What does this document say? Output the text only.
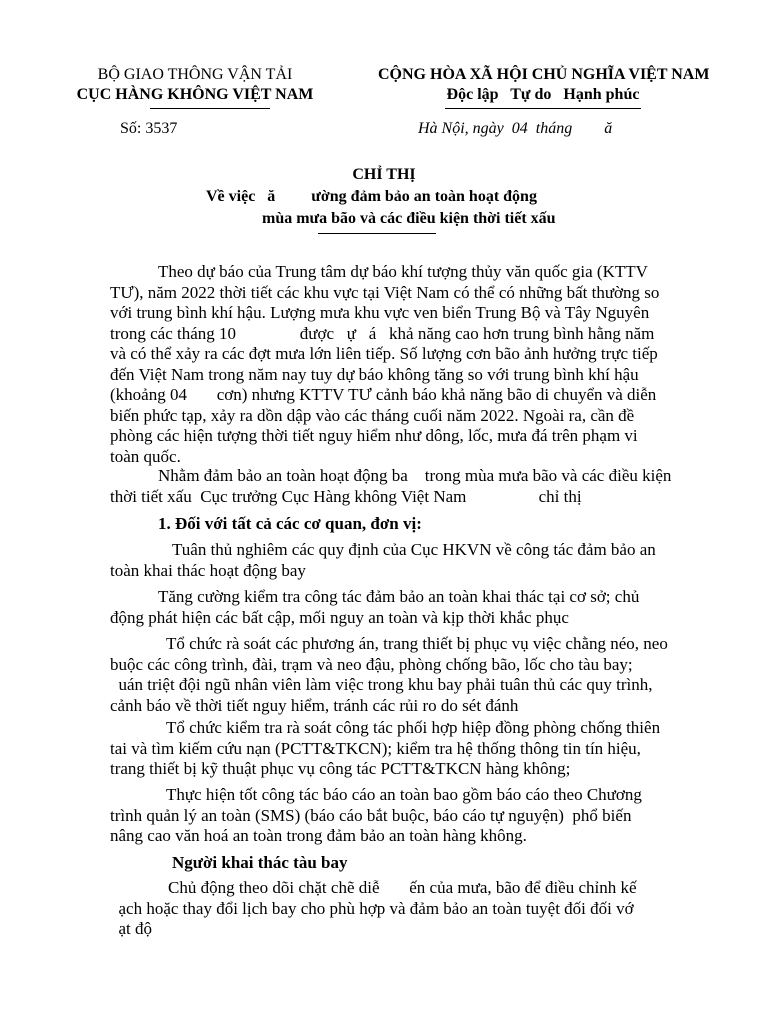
BỘ GIAO THÔNG VẬN TẢI
CỤC HÀNG KHÔNG VIỆT NAM
CỘNG HÒA XÃ HỘI CHỦ NGHĨA VIỆT NAM
Độc lập   Tự do   Hạnh phúc
Số: 3537	Hà Nội, ngày  04  tháng        ă
CHỈ THỊ
Về việc   ă         ường đảm bảo an toàn hoạt động
mùa mưa bão và các điều kiện thời tiết xấu
Theo dự báo của Trung tâm dự báo khí tượng thủy văn quốc gia (KTTV
TƯ), năm 2022 thời tiết các khu vực tại Việt Nam có thể có những bất thường so
với trung bình khí hậu. Lượng mưa khu vực ven biển Trung Bộ và Tây Nguyên
trong các tháng 10               được   ự   á   khả năng cao hơn trung bình hằng năm
và có thể xảy ra các đợt mưa lớn liên tiếp. Số lượng cơn bão ảnh hưởng trực tiếp
đến Việt Nam trong năm nay tuy dự báo không tăng so với trung bình khí hậu
(khoảng 04       cơn) nhưng KTTV TƯ cảnh báo khả năng bão di chuyển và diễn
biến phức tạp, xảy ra dồn dập vào các tháng cuối năm 2022. Ngoài ra, cần đề
phòng các hiện tượng thời tiết nguy hiểm như dông, lốc, mưa đá trên phạm vi
toàn quốc.
Nhằm đảm bảo an toàn hoạt động ba    trong mùa mưa bão và các điều kiện
thời tiết xấu  Cục trưởng Cục Hàng không Việt Nam                 chỉ thị
1. Đối với tất cả các cơ quan, đơn vị:
Tuân thủ nghiêm các quy định của Cục HKVN về công tác đảm bảo an
toàn khai thác hoạt động bay
Tăng cường kiểm tra công tác đảm bảo an toàn khai thác tại cơ sở; chủ
động phát hiện các bất cập, mối nguy an toàn và kịp thời khắc phục
Tổ chức rà soát các phương án, trang thiết bị phục vụ việc chằng néo, neo
buộc các công trình, đài, trạm và neo đậu, phòng chống bão, lốc cho tàu bay;
uán triệt đội ngũ nhân viên làm việc trong khu bay phải tuân thủ các quy trình,
cảnh báo về thời tiết nguy hiểm, tránh các rủi ro do sét đánh
Tổ chức kiểm tra rà soát công tác phối hợp hiệp đồng phòng chống thiên
tai và tìm kiếm cứu nạn (PCTT&TKCN); kiểm tra hệ thống thông tin tín hiệu,
trang thiết bị kỹ thuật phục vụ công tác PCTT&TKCN hàng không;
Thực hiện tốt công tác báo cáo an toàn bao gồm báo cáo theo Chương
trình quản lý an toàn (SMS) (báo cáo bắt buộc, báo cáo tự nguyện)  phổ biến
nâng cao văn hoá an toàn trong đảm bảo an toàn hàng không.
Người khai thác tàu bay
Chủ động theo dõi chặt chẽ diễ       ến của mưa, bão để điều chỉnh kế
ạch hoặc thay đổi lịch bay cho phù hợp và đảm bảo an toàn tuyệt đối đối vớ
ạt độ
